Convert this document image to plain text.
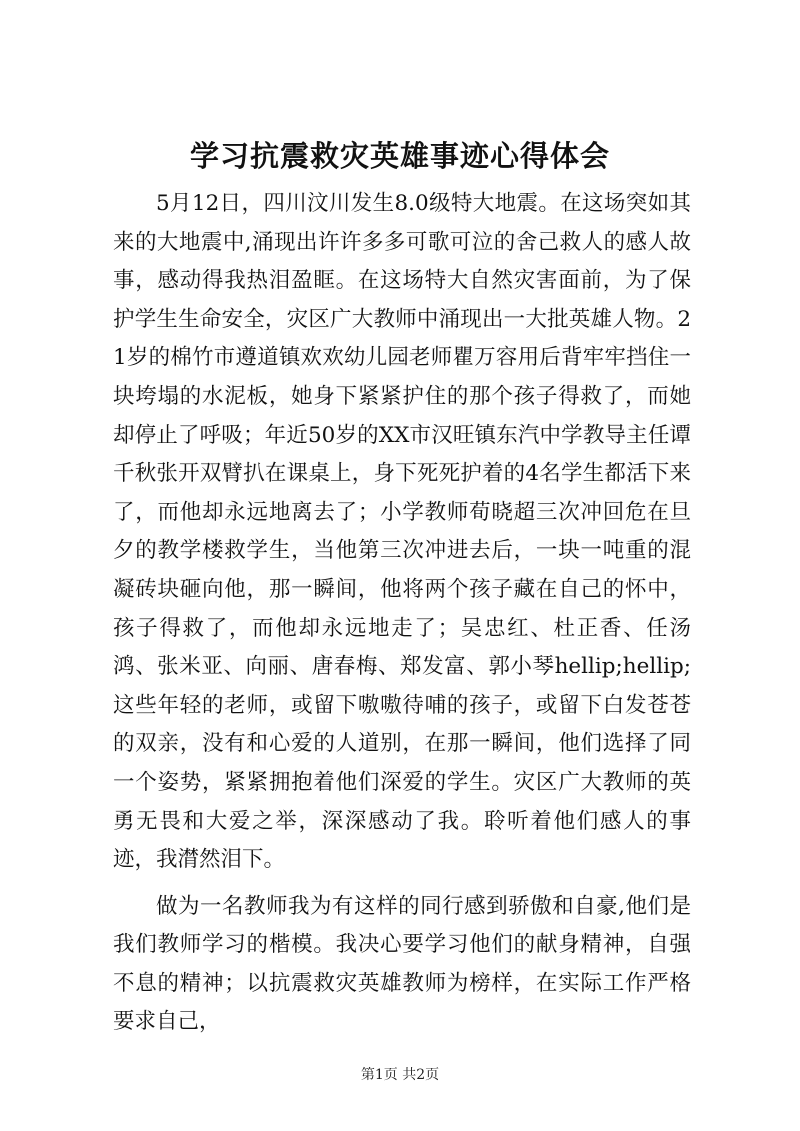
学习抗震救灾英雄事迹心得体会

5月12日，四川汶川发生8.0级特大地震。在这场突如其来的大地震中,涌现出许许多多可歌可泣的舍己救人的感人故事，感动得我热泪盈眶。在这场特大自然灾害面前，为了保护学生生命安全，灾区广大教师中涌现出一大批英雄人物。21岁的棉竹市遵道镇欢欢幼儿园老师瞿万容用后背牢牢挡住一块垮塌的水泥板，她身下紧紧护住的那个孩子得救了，而她却停止了呼吸；年近50岁的XX市汉旺镇东汽中学教导主任谭千秋张开双臂扒在课桌上，身下死死护着的4名学生都活下来了，而他却永远地离去了；小学教师荀晓超三次冲回危在旦夕的教学楼救学生，当他第三次冲进去后，一块一吨重的混凝砖块砸向他，那一瞬间，他将两个孩子藏在自己的怀中，孩子得救了，而他却永远地走了；吴忠红、杜正香、任汤鸿、张米亚、向丽、唐春梅、郑发富、郭小琴hellip;hellip;这些年轻的老师，或留下嗷嗷待哺的孩子，或留下白发苍苍的双亲，没有和心爱的人道别，在那一瞬间，他们选择了同一个姿势，紧紧拥抱着他们深爱的学生。灾区广大教师的英勇无畏和大爱之举，深深感动了我。聆听着他们感人的事迹，我潸然泪下。

做为一名教师我为有这样的同行感到骄傲和自豪,他们是我们教师学习的楷模。我决心要学习他们的献身精神，自强不息的精神；以抗震救灾英雄教师为榜样，在实际工作严格要求自己，

第1页 共2页
